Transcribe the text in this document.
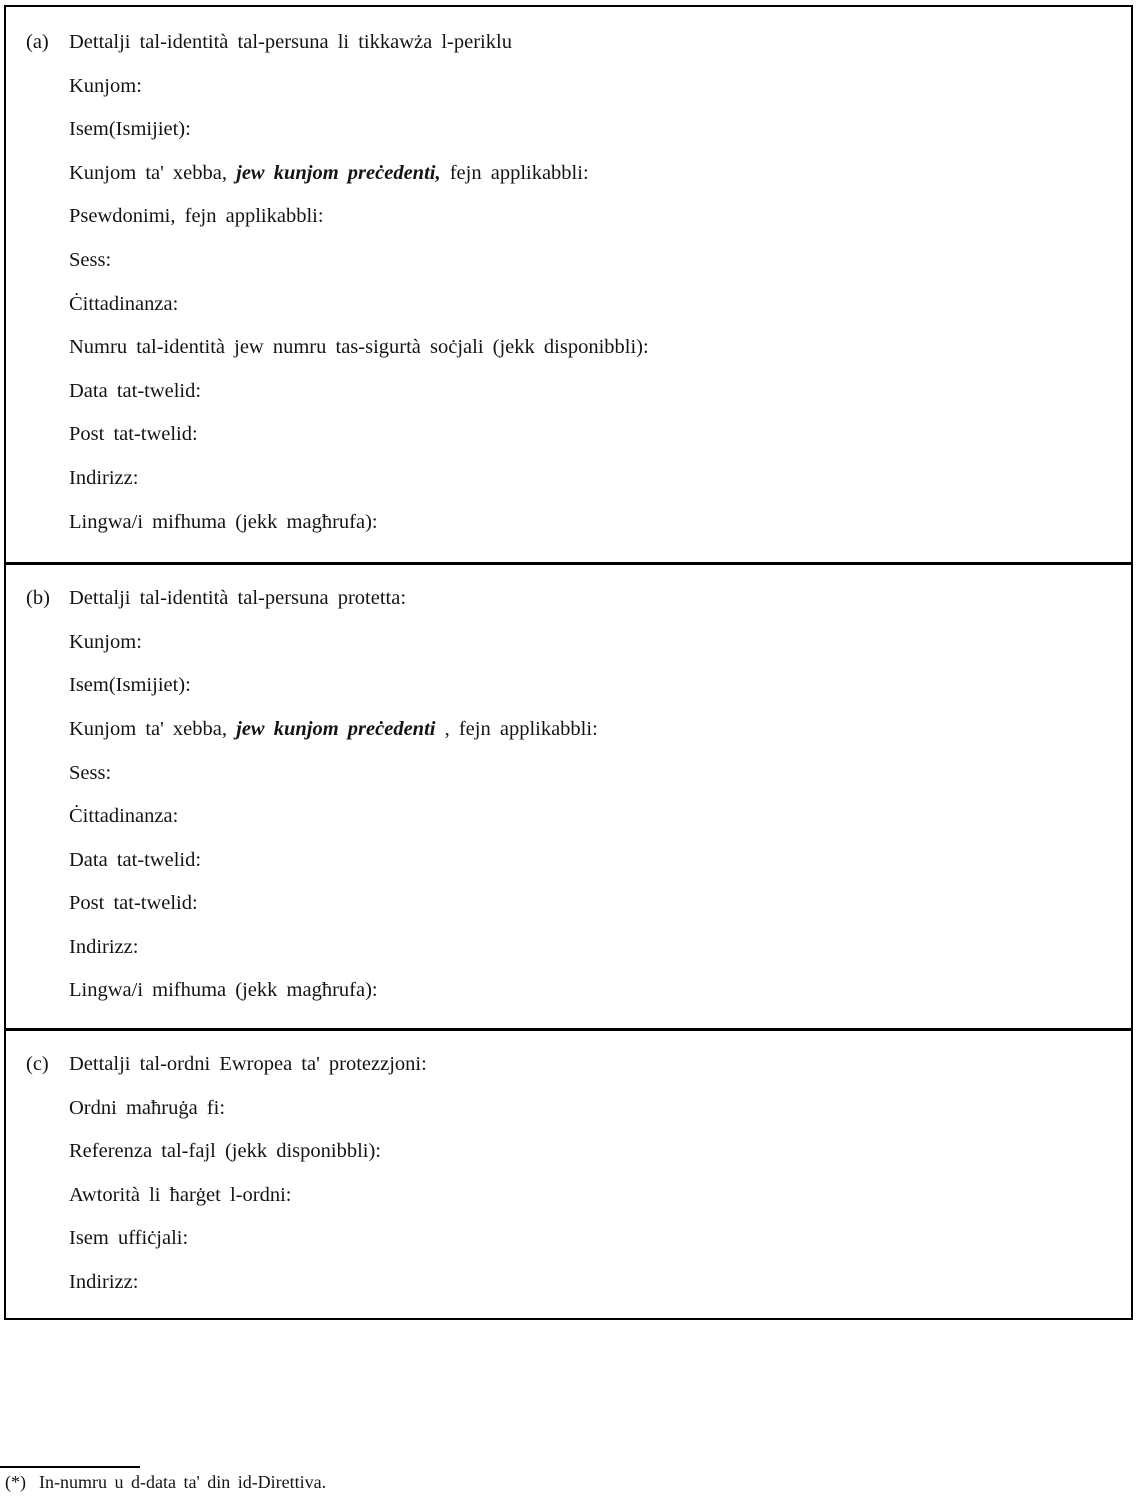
(a) Dettalji tal-identità tal-persuna li tikkawża l-periklu
Kunjom:
Isem(Ismijiet):
Kunjom ta' xebba, jew kunjom preċedenti, fejn applikabbli:
Psewdonimi, fejn applikabbli:
Sess:
Ċittadinanza:
Numru tal-identità jew numru tas-sigurtà soċjali (jekk disponibbli):
Data tat-twelid:
Post tat-twelid:
Indirizz:
Lingwa/i mifhuma (jekk magħrufa):
(b) Dettalji tal-identità tal-persuna protetta:
Kunjom:
Isem(Ismijiet):
Kunjom ta' xebba, jew kunjom preċedenti , fejn applikabbli:
Sess:
Ċittadinanza:
Data tat-twelid:
Post tat-twelid:
Indirizz:
Lingwa/i mifhuma (jekk magħrufa):
(c) Dettalji tal-ordni Ewropea ta' protezzjoni:
Ordni maħruġa fi:
Referenza tal-fajl (jekk disponibbli):
Awtorità li ħarġet l-ordni:
Isem uffiċjali:
Indirizz:
(*) In-numru u d-data ta' din id-Direttiva.
